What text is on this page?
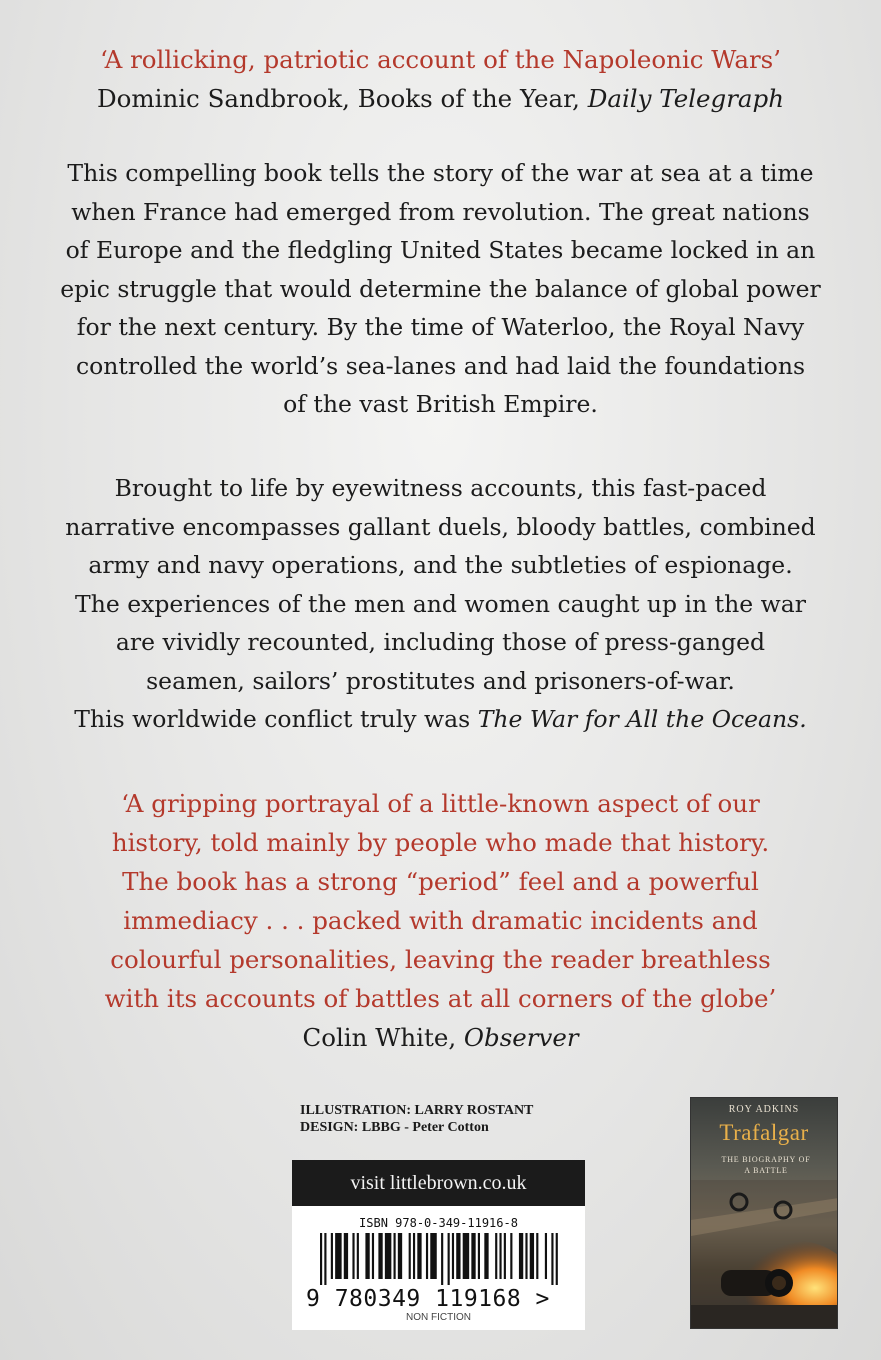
‘A rollicking, patriotic account of the Napoleonic Wars’
Dominic Sandbrook, Books of the Year, Daily Telegraph
This compelling book tells the story of the war at sea at a time
when France had emerged from revolution. The great nations
of Europe and the fledgling United States became locked in an
epic struggle that would determine the balance of global power
for the next century. By the time of Waterloo, the Royal Navy
controlled the world’s sea-lanes and had laid the foundations
of the vast British Empire.
Brought to life by eyewitness accounts, this fast-paced
narrative encompasses gallant duels, bloody battles, combined
army and navy operations, and the subtleties of espionage.
The experiences of the men and women caught up in the war
are vividly recounted, including those of press-ganged
seamen, sailors’ prostitutes and prisoners-of-war.
This worldwide conflict truly was The War for All the Oceans.
‘A gripping portrayal of a little-known aspect of our
history, told mainly by people who made that history.
The book has a strong “period” feel and a powerful
immediacy . . . packed with dramatic incidents and
colourful personalities, leaving the reader breathless
with its accounts of battles at all corners of the globe’
Colin White, Observer
ILLUSTRATION: LARRY ROSTANT
DESIGN: LBBG - Peter Cotton
visit littlebrown.co.uk
ISBN 978-0-349-11916-8
9 780349 119168 >
NON FICTION
ROY ADKINS
Trafalgar
THE BIOGRAPHY OF A BATTLE
